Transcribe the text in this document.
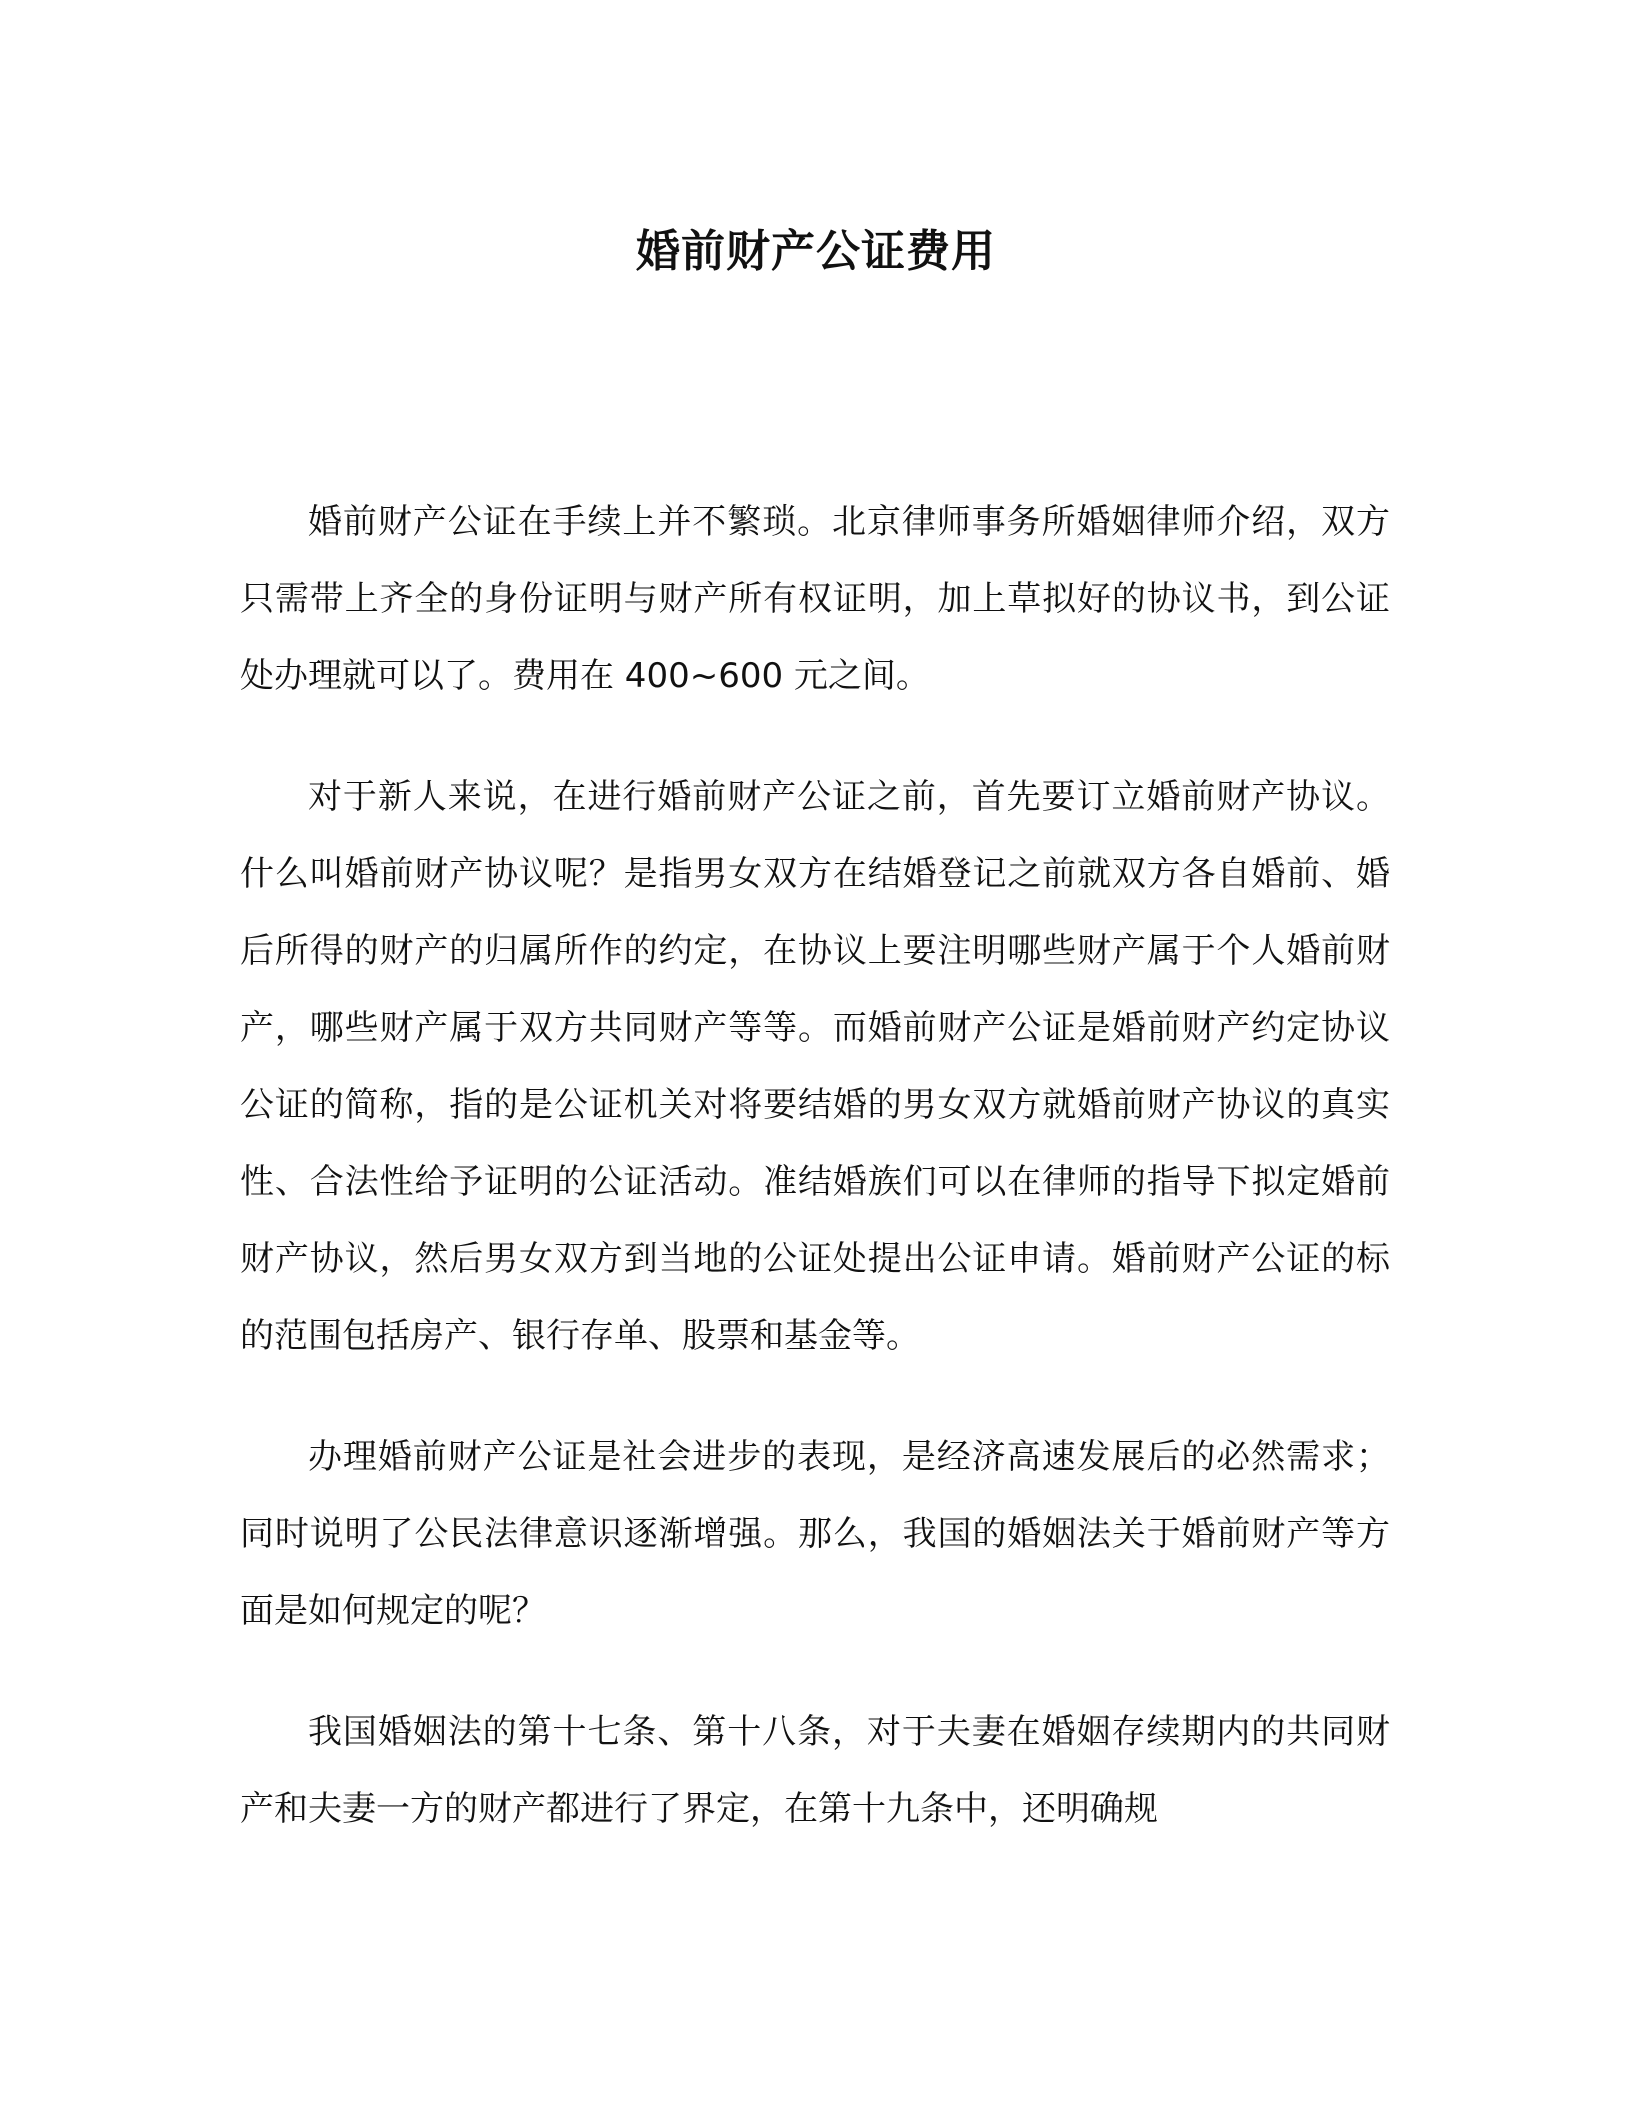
婚前财产公证费用

婚前财产公证在手续上并不繁琐。北京律师事务所婚姻律师介绍，双方只需带上齐全的身份证明与财产所有权证明，加上草拟好的协议书，到公证处办理就可以了。费用在 400~600 元之间。

对于新人来说，在进行婚前财产公证之前，首先要订立婚前财产协议。什么叫婚前财产协议呢？是指男女双方在结婚登记之前就双方各自婚前、婚后所得的财产的归属所作的约定，在协议上要注明哪些财产属于个人婚前财产，哪些财产属于双方共同财产等等。而婚前财产公证是婚前财产约定协议公证的简称，指的是公证机关对将要结婚的男女双方就婚前财产协议的真实性、合法性给予证明的公证活动。准结婚族们可以在律师的指导下拟定婚前财产协议，然后男女双方到当地的公证处提出公证申请。婚前财产公证的标的范围包括房产、银行存单、股票和基金等。

办理婚前财产公证是社会进步的表现，是经济高速发展后的必然需求；同时说明了公民法律意识逐渐增强。那么，我国的婚姻法关于婚前财产等方面是如何规定的呢？

我国婚姻法的第十七条、第十八条，对于夫妻在婚姻存续期内的共同财产和夫妻一方的财产都进行了界定，在第十九条中，还明确规
